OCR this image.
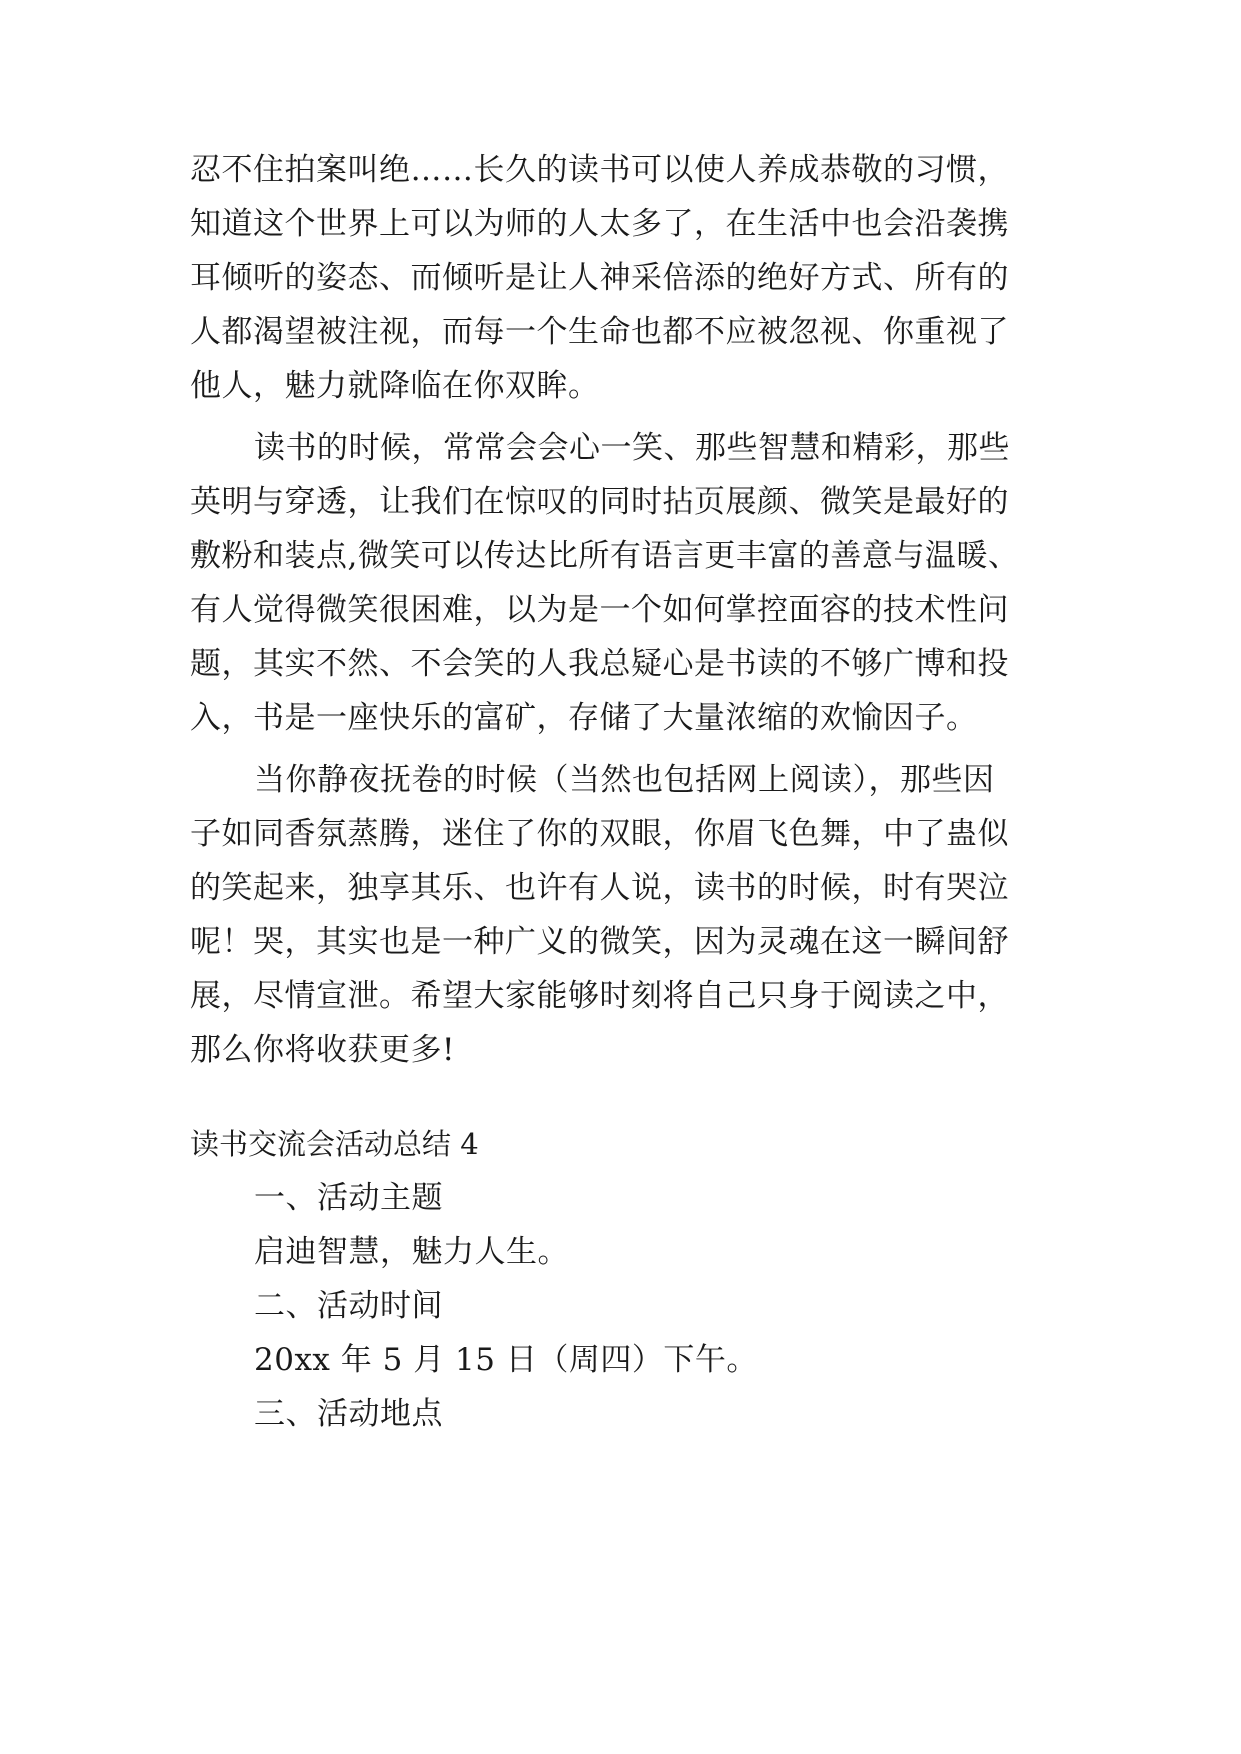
忍不住拍案叫绝……长久的读书可以使人养成恭敬的习惯，
知道这个世界上可以为师的人太多了，在生活中也会沿袭携
耳倾听的姿态、而倾听是让人神采倍添的绝好方式、所有的
人都渴望被注视，而每一个生命也都不应被忽视、你重视了
他人，魅力就降临在你双眸。
读书的时候，常常会会心一笑、那些智慧和精彩，那些
英明与穿透，让我们在惊叹的同时拈页展颜、微笑是最好的
敷粉和装点,微笑可以传达比所有语言更丰富的善意与温暖、
有人觉得微笑很困难，以为是一个如何掌控面容的技术性问
题，其实不然、不会笑的人我总疑心是书读的不够广博和投
入，书是一座快乐的富矿，存储了大量浓缩的欢愉因子。
当你静夜抚卷的时候（当然也包括网上阅读），那些因
子如同香氛蒸腾，迷住了你的双眼，你眉飞色舞，中了蛊似
的笑起来，独享其乐、也许有人说，读书的时候，时有哭泣
呢！哭，其实也是一种广义的微笑，因为灵魂在这一瞬间舒
展，尽情宣泄。希望大家能够时刻将自己只身于阅读之中，
那么你将收获更多!
读书交流会活动总结 4
一、活动主题
启迪智慧，魅力人生。
二、活动时间
20xx 年 5 月 15 日（周四）下午。
三、活动地点
